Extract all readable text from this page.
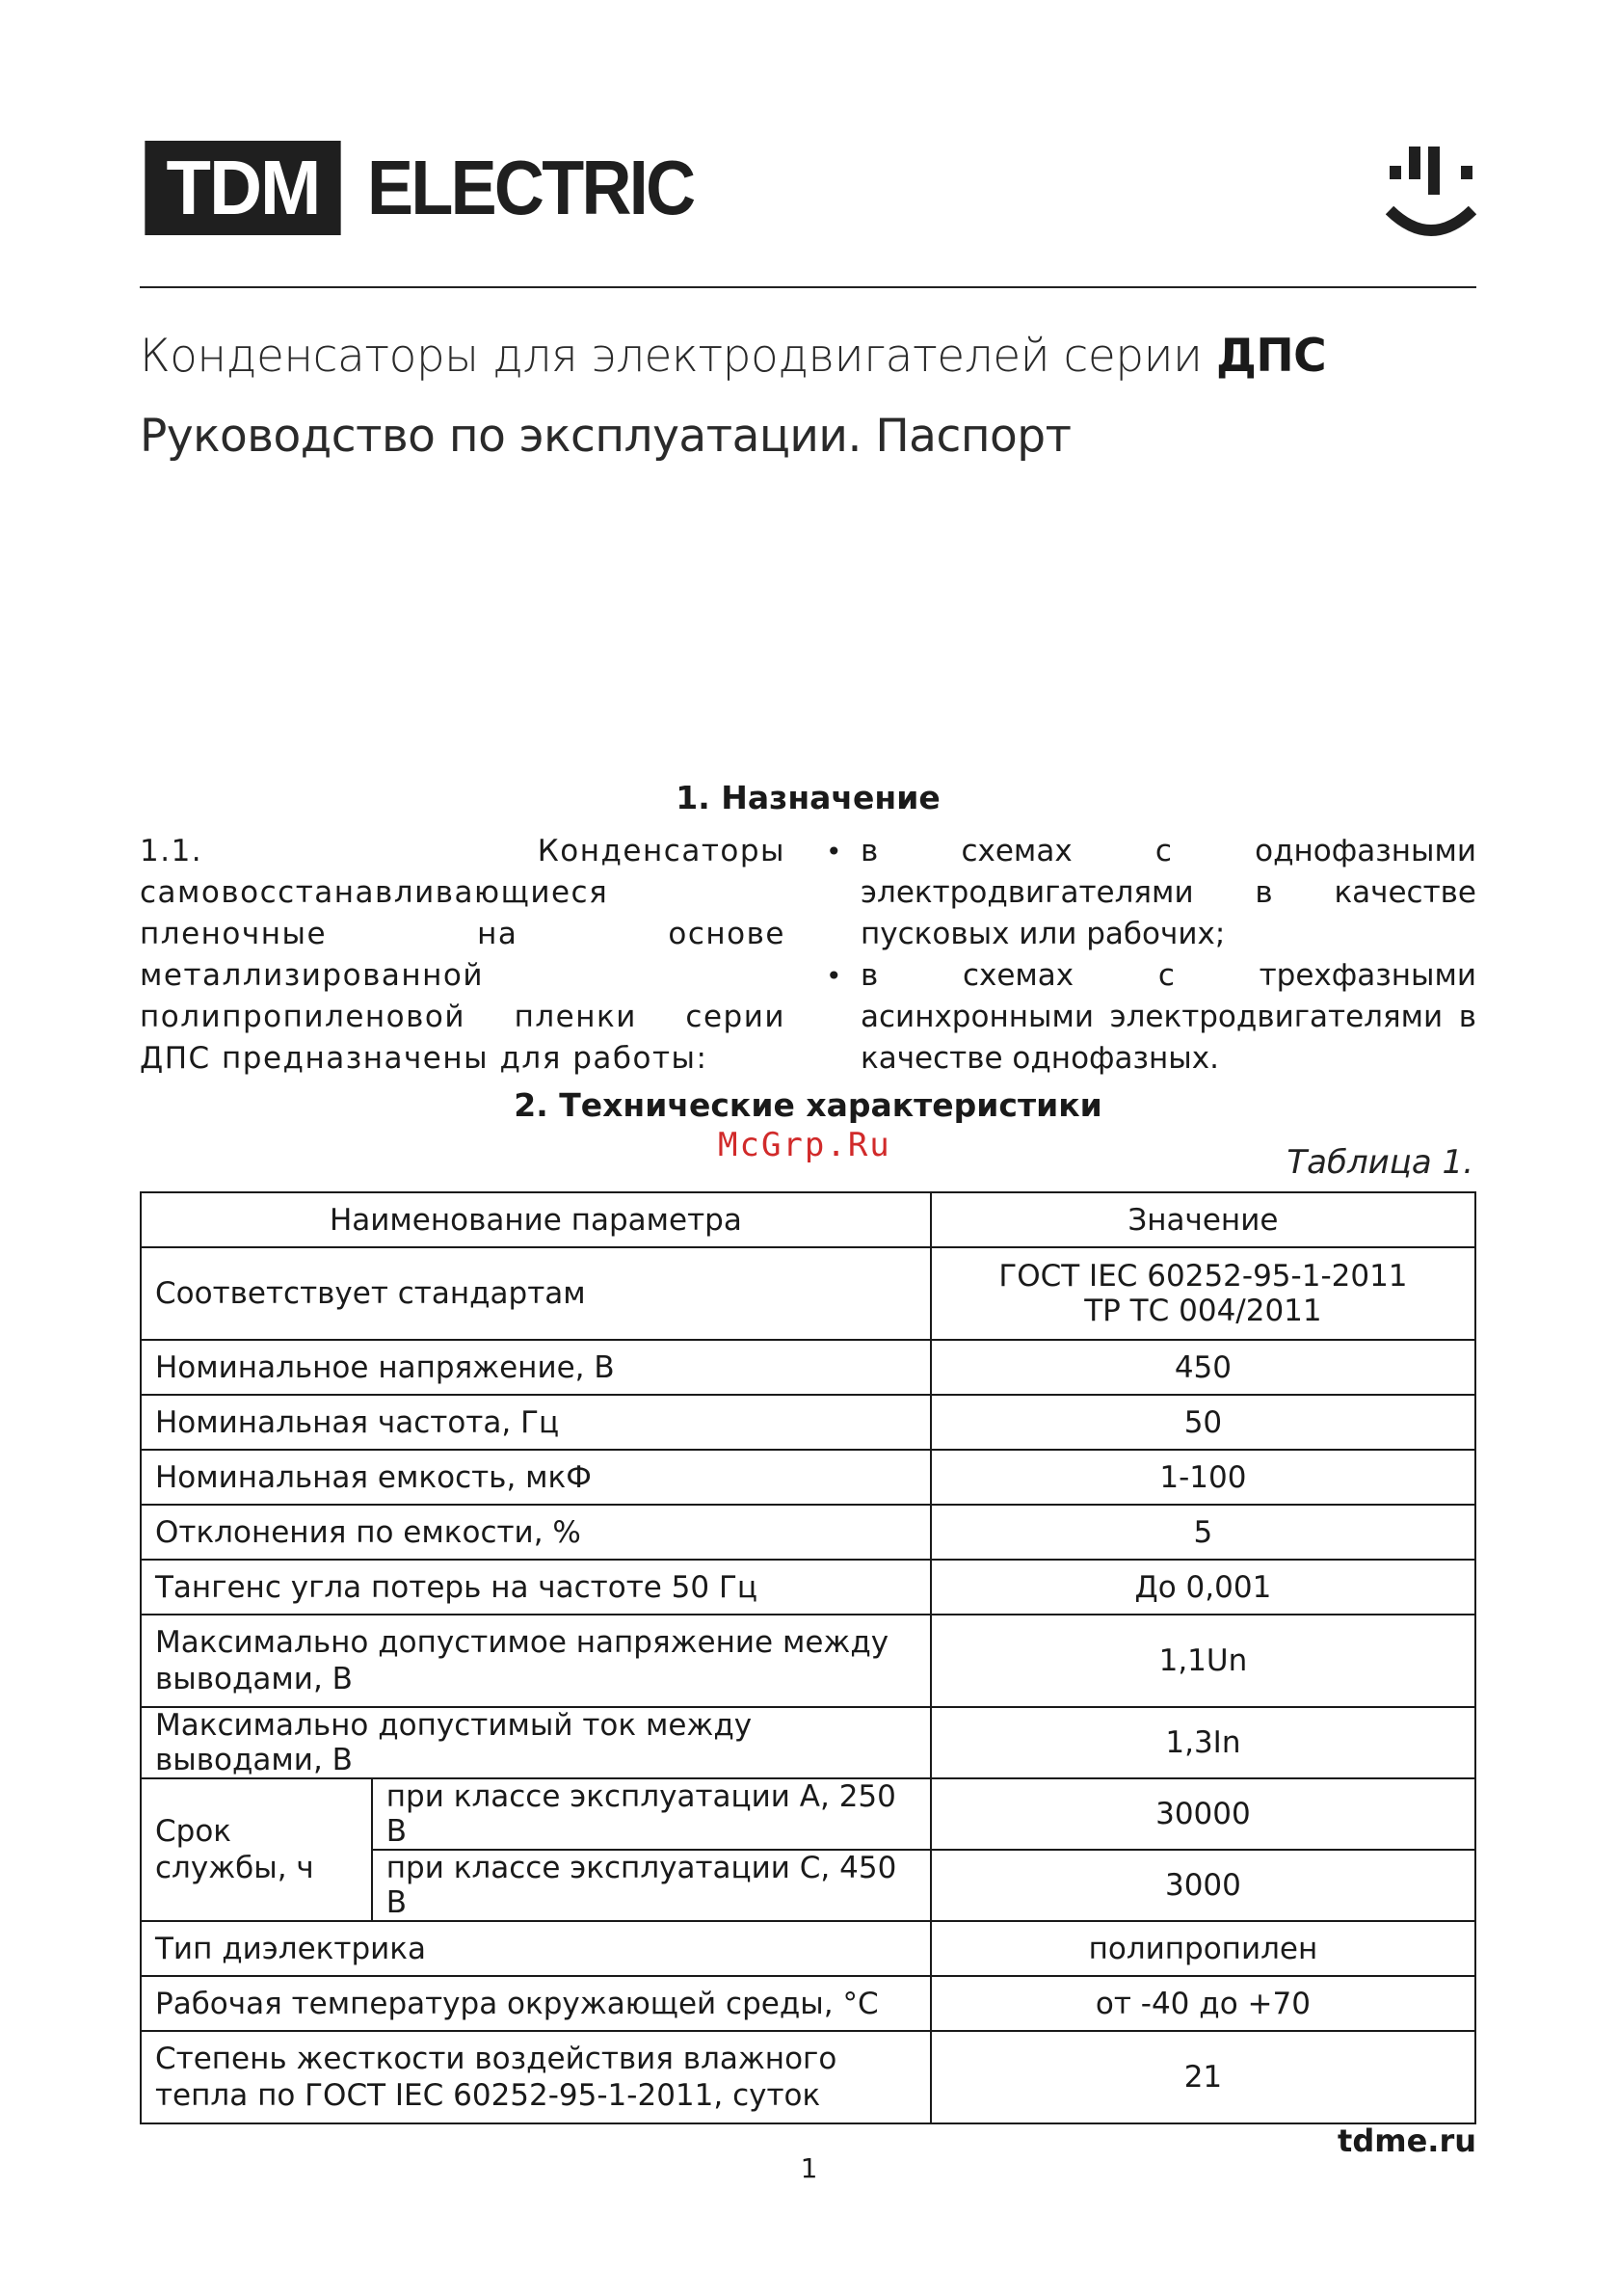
TDM ELECTRIC
Конденсаторы для электродвигателей серии ДПС
Руководство по эксплуатации. Паспорт
1. Назначение
1.1. Конденсаторы самовосстанавливающиеся пленочные на основе металлизированной полипропиленовой пленки серии ДПС предназначены для работы:
• в схемах с однофазными электродвигателями в качестве пусковых или рабочих;
• в схемах с трехфазными асинхронными электродвигателями в качестве однофазных.
2. Технические характеристики
McGrp.Ru	Таблица 1.
Наименование параметра		Значение
Соответствует стандартам		ГОСТ IEC 60252-95-1-2011
ТР ТС 004/2011
Номинальное напряжение, В		450
Номинальная частота, Гц		50
Номинальная емкость, мкФ		1-100
Отклонения по емкости, %		5
Тангенс угла потерь на частоте 50 Гц		До 0,001
Максимально допустимое напряжение между выводами, В		1,1Un
Максимально допустимый ток между выводами, В		1,3In
Срок
службы, ч	при классе эксплуатации А, 250 В	30000
	при классе эксплуатации С, 450 В	3000
Тип диэлектрика		полипропилен
Рабочая температура окружающей среды, °С		от -40 до +70
Степень жесткости воздействия влажного тепла по ГОСТ IEC 60252-95-1-2011, суток		21
tdme.ru
1
